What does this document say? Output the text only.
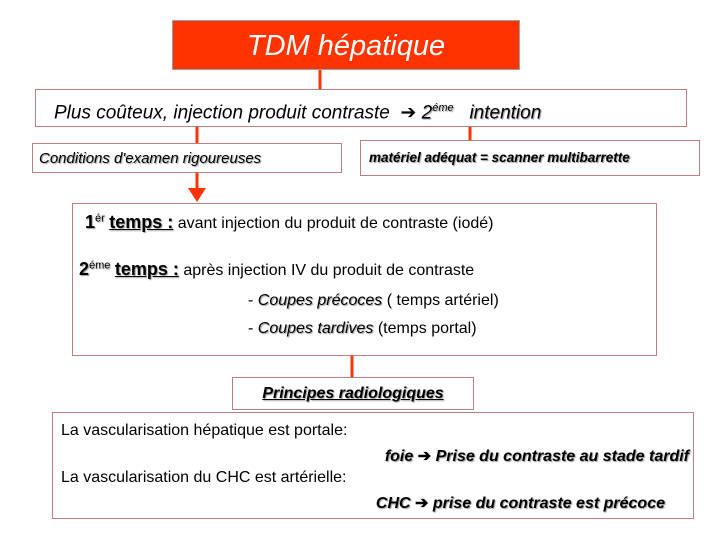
TDM hépatique
Plus coûteux, injection produit contraste ➔ $2^{éme}$ intention
Conditions d'examen rigoureuses	matériel adéquat = scanner multibarrette
$1^{ér}$ temps : avant injection du produit de contraste (iodé)
$2^{éme}$ temps : après injection IV du produit de contraste
- Coupes précoces ( temps artériel)
- Coupes tardives (temps portal)
Principes radiologiques
La vascularisation hépatique est portale:
foie ➔ Prise du contraste au stade tardif
La vascularisation du CHC est artérielle:
CHC ➔ prise du contraste est précoce
